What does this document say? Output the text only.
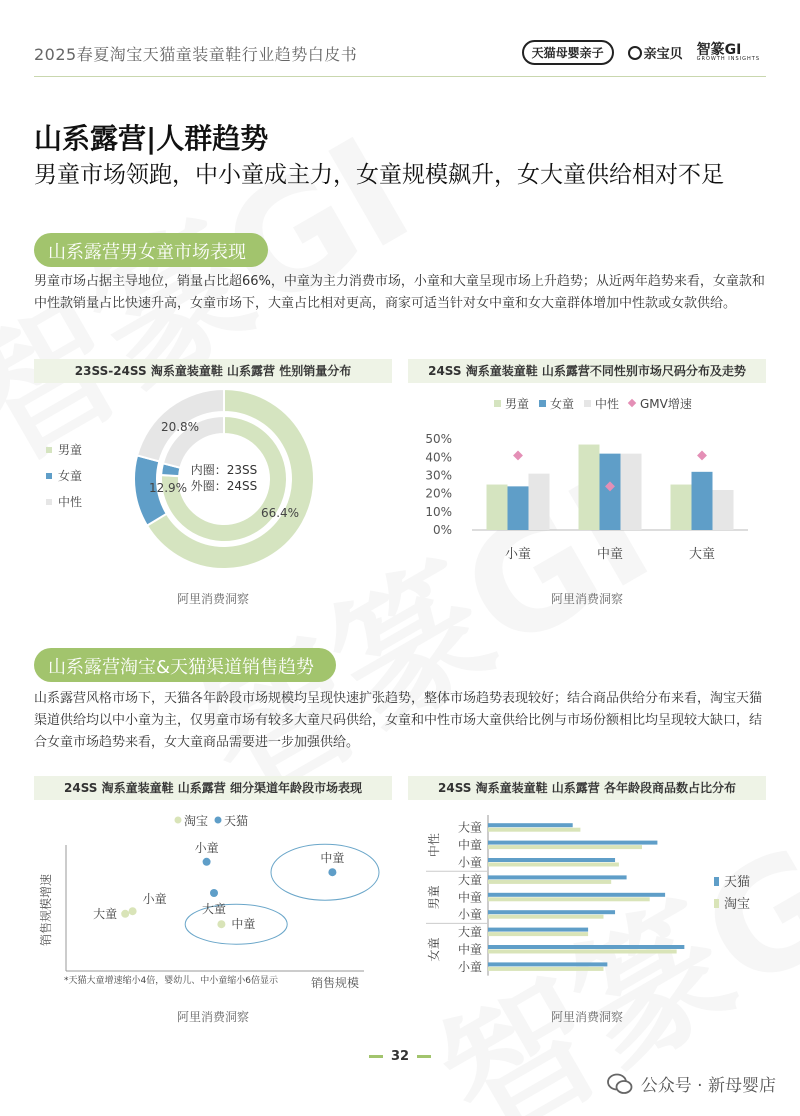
2025春夏淘宝天猫童装童鞋行业趋势白皮书	天猫母婴亲子	亲宝贝 智篆GI
GROWTH INSIGHTS
山系露营|人群趋势
男童市场领跑，中小童成主力，女童规模飙升，女大童供给相对不足
山系露营男女童市场表现
男童市场占据主导地位，销量占比超66%，中童为主力消费市场，小童和大童呈现市场上升趋势；从近两年趋势来看，女童款和中性款销量占比快速升高，女童市场下，大童占比相对更高，商家可适当针对女中童和女大童群体增加中性款或女款供给。
23SS-24SS 淘系童装童鞋 山系露营 性别销量分布
男童
女童
中性
66.4%
12.9%
20.8%
内圈：23SS
外圈：24SS
阿里消费洞察
24SS 淘系童装童鞋 山系露营不同性别市场尺码分布及走势
男童 女童 中性 GMV增速
0%
10%
20%
30%
40%
50%
小童	中童	大童
阿里消费洞察
山系露营淘宝&天猫渠道销售趋势
山系露营风格市场下，天猫各年龄段市场规模均呈现快速扩张趋势，整体市场趋势表现较好；结合商品供给分布来看，淘宝天猫渠道供给均以中小童为主，仅男童市场有较多大童尺码供给，女童和中性市场大童供给比例与市场份额相比均呈现较大缺口，结合女童市场趋势来看，女大童商品需要进一步加强供给。
24SS 淘系童装童鞋 山系露营 细分渠道年龄段市场表现
淘宝 天猫
销售规模增速
销售规模
*天猫大童增速缩小4倍，婴幼儿、中小童缩小6倍显示
小童
大童
中童
小童
大童
中童
阿里消费洞察
24SS 淘系童装童鞋 山系露营 各年龄段商品数占比分布
大童
中童
小童
大童
中童
小童
大童
中童
小童
中性
男童
女童
天猫
淘宝
阿里消费洞察
32
公众号 · 新母婴店
